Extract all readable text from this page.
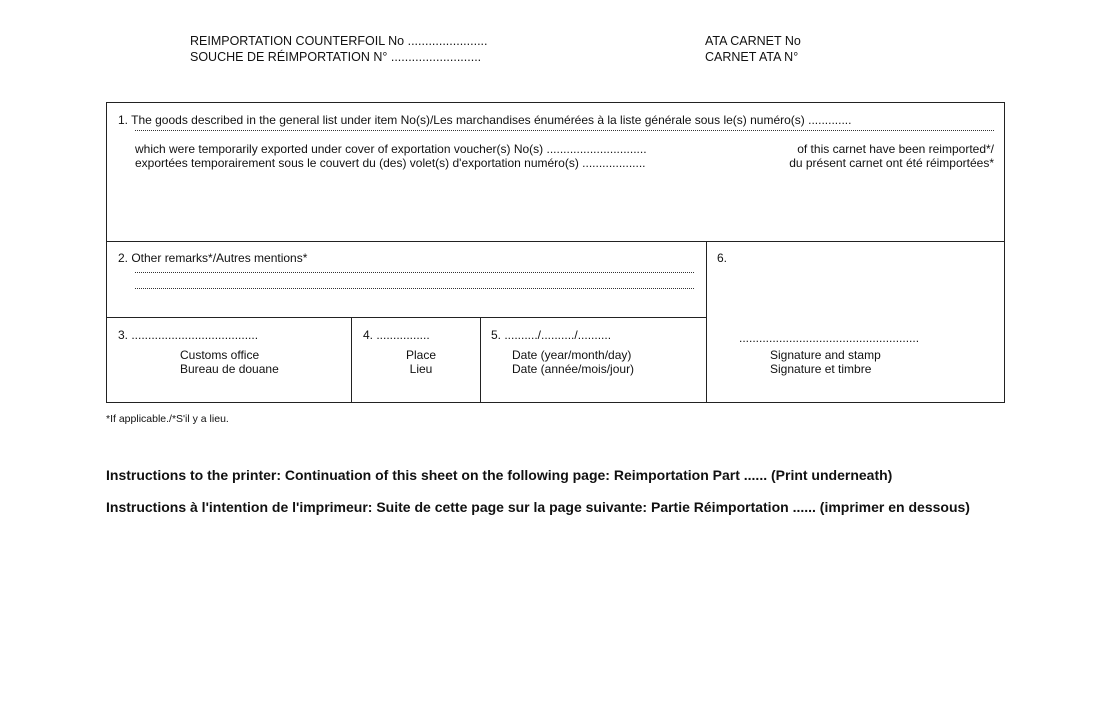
REIMPORTATION COUNTERFOIL No .......................
SOUCHE DE RÉIMPORTATION N° ..........................
ATA CARNET No
CARNET ATA N°
1. The goods described in the general list under item No(s)/Les marchandises énumérées à la liste générale sous le(s) numéro(s) .............
which were temporarily exported under cover of exportation voucher(s) No(s) ..............................	of this carnet have been reimported*/
exportées temporairement sous le couvert du (des) volet(s) d'exportation numéro(s) ...................	du présent carnet ont été réimportées*
2. Other remarks*/Autres mentions*
3. ......................................
Customs office
Bureau de douane
4. ................
Place
Lieu
5. ........../........../..........
Date (year/month/day)
Date (année/mois/jour)
6.
......................................................
Signature and stamp
Signature et timbre
*If applicable./*S'il y a lieu.
Instructions to the printer: Continuation of this sheet on the following page: Reimportation Part ...... (Print underneath)
Instructions à l'intention de l'imprimeur: Suite de cette page sur la page suivante: Partie Réimportation ...... (imprimer en dessous)
